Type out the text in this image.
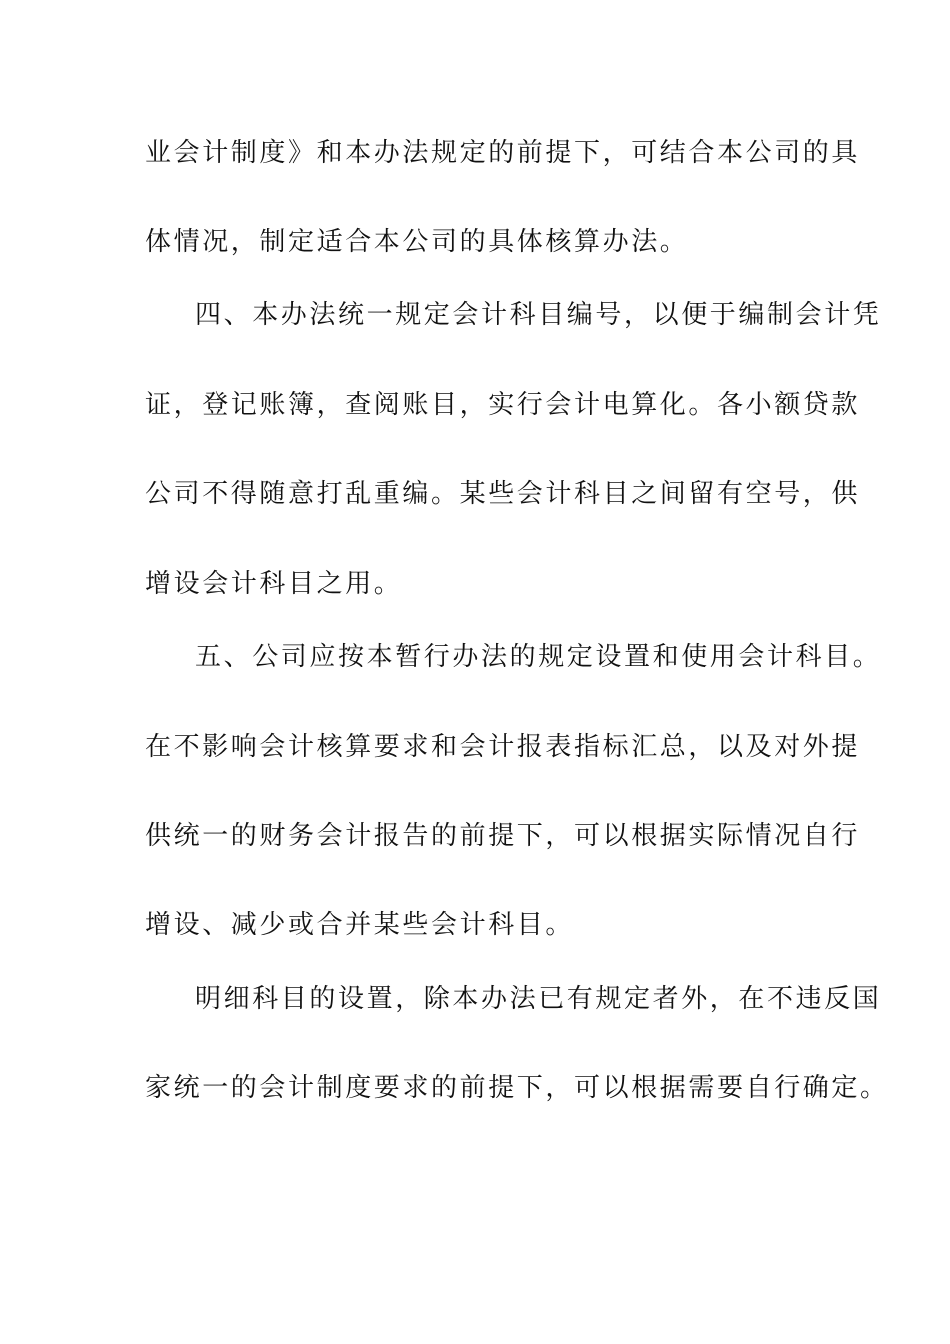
业会计制度》和本办法规定的前提下，可结合本公司的具
体情况，制定适合本公司的具体核算办法。
四、本办法统一规定会计科目编号，以便于编制会计凭
证，登记账簿，查阅账目，实行会计电算化。各小额贷款
公司不得随意打乱重编。某些会计科目之间留有空号，供
增设会计科目之用。
五、公司应按本暂行办法的规定设置和使用会计科目。
在不影响会计核算要求和会计报表指标汇总，以及对外提
供统一的财务会计报告的前提下，可以根据实际情况自行
增设、减少或合并某些会计科目。
明细科目的设置，除本办法已有规定者外，在不违反国
家统一的会计制度要求的前提下，可以根据需要自行确定。
